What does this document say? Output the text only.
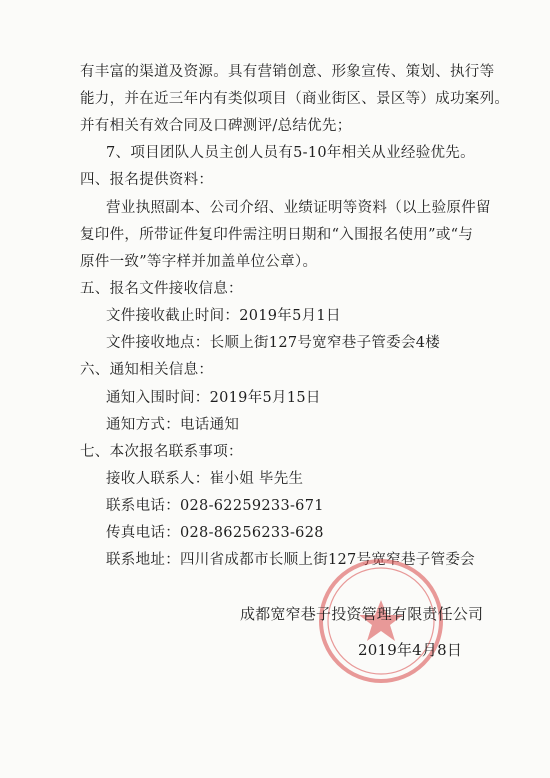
有丰富的渠道及资源。具有营销创意、形象宣传、策划、执行等
能力，并在近三年内有类似项目（商业街区、景区等）成功案列。
并有相关有效合同及口碑测评/总结优先；
7、项目团队人员主创人员有5-10年相关从业经验优先。
四、报名提供资料：
营业执照副本、公司介绍、业绩证明等资料（以上验原件留
复印件，所带证件复印件需注明日期和“入围报名使用”或“与
原件一致”等字样并加盖单位公章）。
五、报名文件接收信息：
文件接收截止时间：2019年5月1日
文件接收地点：长顺上街127号宽窄巷子管委会4楼
六、通知相关信息：
通知入围时间：2019年5月15日
通知方式：电话通知
七、本次报名联系事项：
接收人联系人：崔小姐 毕先生
联系电话：028-62259233-671
传真电话：028-86256233-628
联系地址：四川省成都市长顺上街127号宽窄巷子管委会
成都宽窄巷子投资管理有限责任公司
2019年4月8日
